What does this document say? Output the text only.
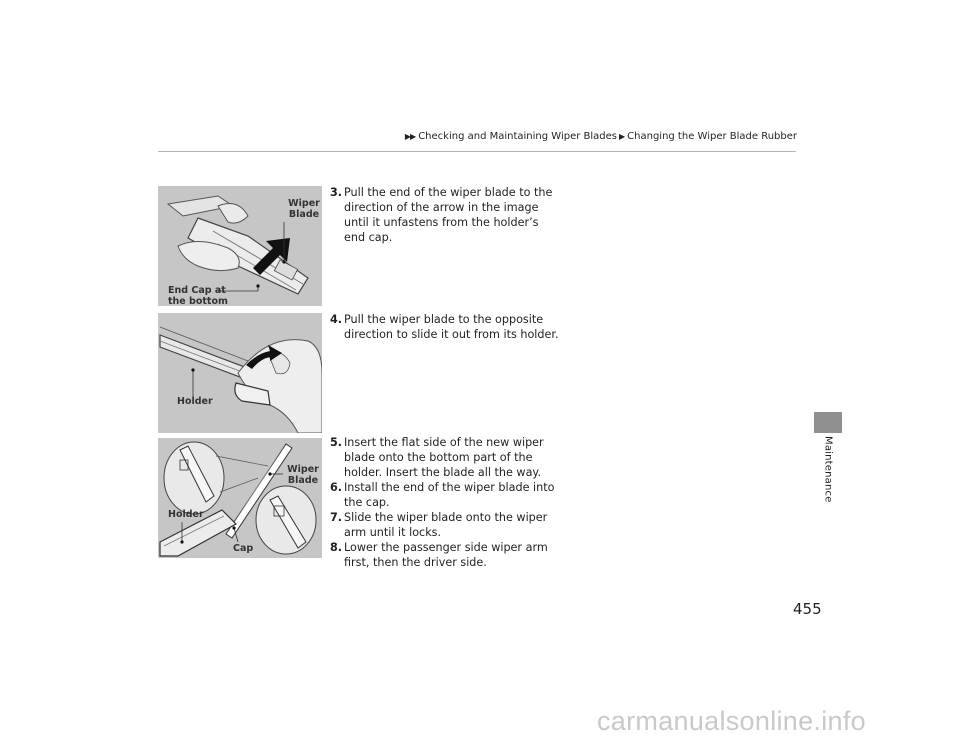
▶▶ Checking and Maintaining Wiper Blades ▶ Changing the Wiper Blade Rubber
Maintenance
Wiper Blade
End Cap at the bottom
Holder
Wiper Blade
Holder
Cap
3. Pull the end of the wiper blade to the direction of the arrow in the image until it unfastens from the holder’s end cap.
4. Pull the wiper blade to the opposite direction to slide it out from its holder.
5. Insert the flat side of the new wiper blade onto the bottom part of the holder. Insert the blade all the way.
6. Install the end of the wiper blade into the cap.
7. Slide the wiper blade onto the wiper arm until it locks.
8. Lower the passenger side wiper arm first, then the driver side.
455
carmanualsonline.info
